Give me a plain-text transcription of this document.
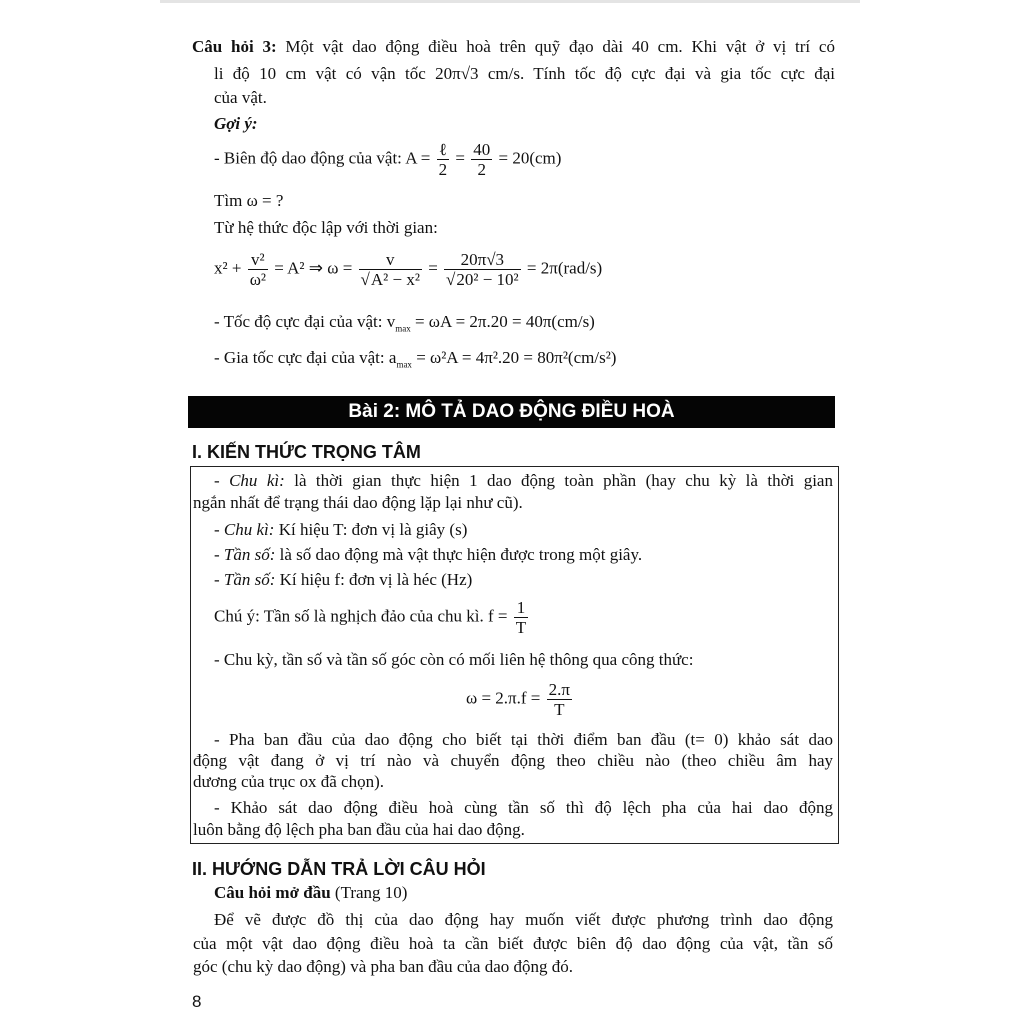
Câu hỏi 3: Một vật dao động điều hoà trên quỹ đạo dài 40 cm. Khi vật ở vị trí có
li độ 10 cm vật có vận tốc 20π√3 cm/s. Tính tốc độ cực đại và gia tốc cực đại
của vật.
Gợi ý:
- Biên độ dao động của vật: $A = \frac{\text{ℓ}}{2} = \frac{40}{2} = 20(cm)$
Tìm ω = ?
Từ hệ thức độc lập với thời gian:
$x^2 + \frac{\text{v²}}{\text{ω²}} = A^2$ ⇒ $\omega = \frac{v}{\text{√A² − x²}} = \frac{20\pi√3}{\text{√20² − 10²}} = 2\pi(rad/s)$
- Tốc độ cực đại của vật: $v_{max} = \omega A = 2\pi.20 = 40\pi(cm/s)$
- Gia tốc cực đại của vật: $a_{max} = \omega^2A = 4\pi^2.20 = 80\pi^2(cm/s^2)$
Bài 2: MÔ TẢ DAO ĐỘNG ĐIỀU HOÀ
I. KIẾN THỨC TRỌNG TÂM
- Chu kì: là thời gian thực hiện 1 dao động toàn phần (hay chu kỳ là thời gian
ngắn nhất để trạng thái dao động lặp lại như cũ).
- Chu kì: Kí hiệu T: đơn vị là giây (s)
- Tần số: là số dao động mà vật thực hiện được trong một giây.
- Tần số: Kí hiệu f: đơn vị là héc (Hz)
Chú ý: Tần số là nghịch đảo của chu kì. $f = \frac{1}{T}$
- Chu kỳ, tần số và tần số góc còn có mối liên hệ thông qua công thức:
$\omega = 2.\pi.f = \frac{2.\pi}{T}$
- Pha ban đầu của dao động cho biết tại thời điểm ban đầu (t= 0) khảo sát dao
động vật đang ở vị trí nào và chuyển động theo chiều nào (theo chiều âm hay
dương của trục ox đã chọn).
- Khảo sát dao động điều hoà cùng tần số thì độ lệch pha của hai dao động
luôn bằng độ lệch pha ban đầu của hai dao động.
II. HƯỚNG DẪN TRẢ LỜI CÂU HỎI
Câu hỏi mở đầu (Trang 10)
Để vẽ được đồ thị của dao động hay muốn viết được phương trình dao động
của một vật dao động điều hoà ta cần biết được biên độ dao động của vật, tần số
góc (chu kỳ dao động) và pha ban đầu của dao động đó.
8
